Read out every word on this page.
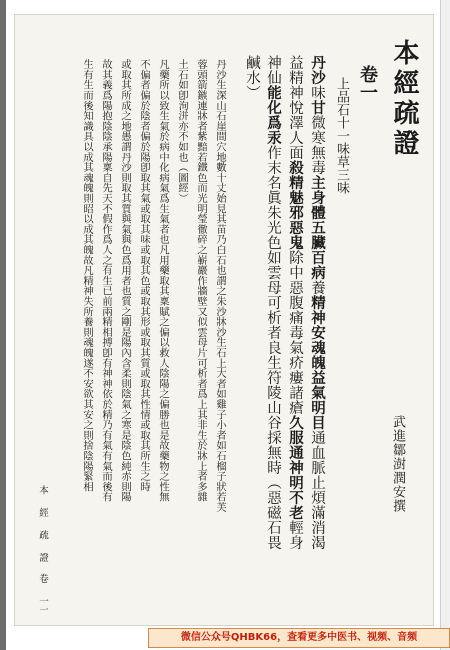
本經疏證
卷一
武進鄒澍潤安撰
上品石十一味草三味
丹沙味甘微寒無毒主身體五臟百病養精神安魂魄益氣明目通血脈止煩滿消渴
益精神悅澤人面殺精魅邪惡鬼除中惡腹痛毒氣疥瘻諸瘡久服通神明不老輕身
神仙能化爲汞作末名眞朱光色如雲母可析者良生符陵山谷採無時（惡磁石畏
鹹水）
丹沙生深山石崖間穴地數十丈始見其苗乃白石也謂之朱沙牀沙生石上大者如雞子小者如石榴子狀若芙
蓉頭箭鏃連牀者紫黯若鐵色而光明瑩徹碎之嶄巖作牆壁又似雲母片可析者爲上其非生於牀上者多雜
土石如卽洵洴亦不如也（圖經）
凡藥所以致生氣於病中化病氣爲生氣者也凡用藥取其稟賦之偏以救人陰陽之偏勝也是故藥物之性無
不偏者偏於陰者偏於陽卽取其氣或取其味或取其色或取其形或取其質或取其性情或取其所生之時
或取其所成之地愚謂丹沙則取其質與氣與色爲用者也質之剛是陽內含柔則陰氣之寒是陰色純赤則陽
故其義爲陽抱陰陰承陽稟自先天不假作爲人之有生已前兩精相搏卽有神神依於精乃有氣有氣而後有
生有生而後知識具以成其魂魄則昭以成其魄故凡精神失所養則魂魄遂不安欲其安之則捨陰陽緊相
本 經 疏 證　卷 一
一
微信公众号QHBK66，查看更多中医书、视频、音频
